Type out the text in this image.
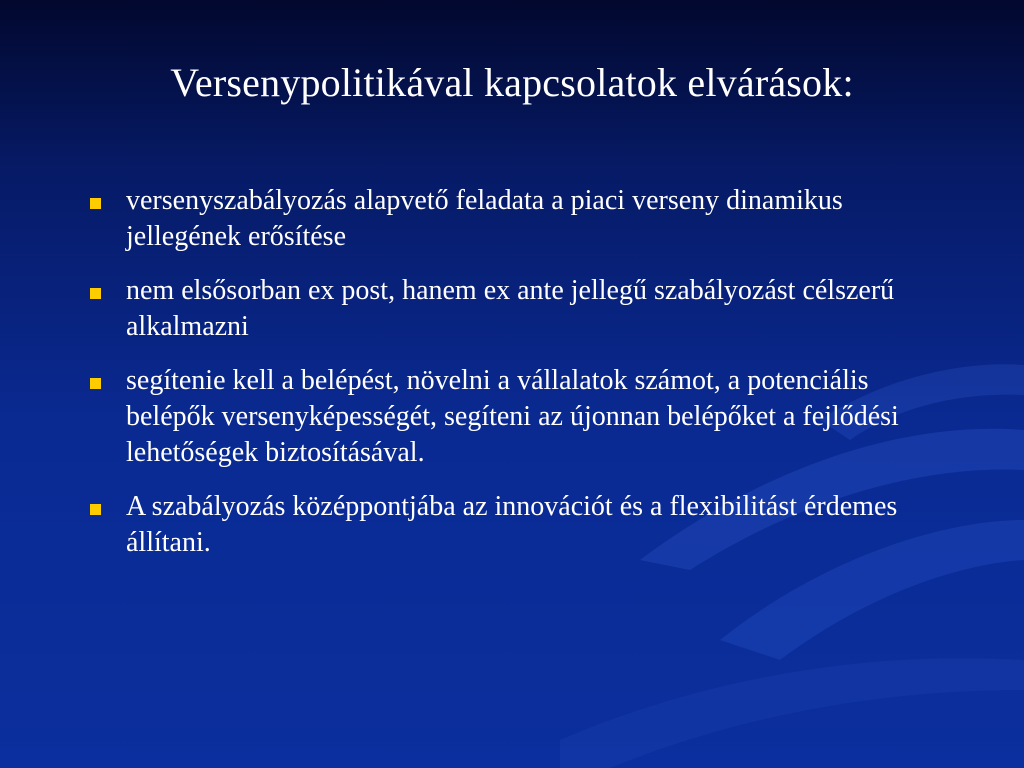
Versenypolitikával kapcsolatok elvárások:
versenyszabályozás alapvető feladata a piaci verseny dinamikus jellegének erősítése
nem elsősorban ex post, hanem ex ante jellegű szabályozást célszerű alkalmazni
segítenie kell a belépést, növelni a vállalatok számot, a potenciális belépők versenyképességét, segíteni az újonnan belépőket a fejlődési lehetőségek biztosításával.
A szabályozás középpontjába az innovációt és a flexibilitást érdemes állítani.
